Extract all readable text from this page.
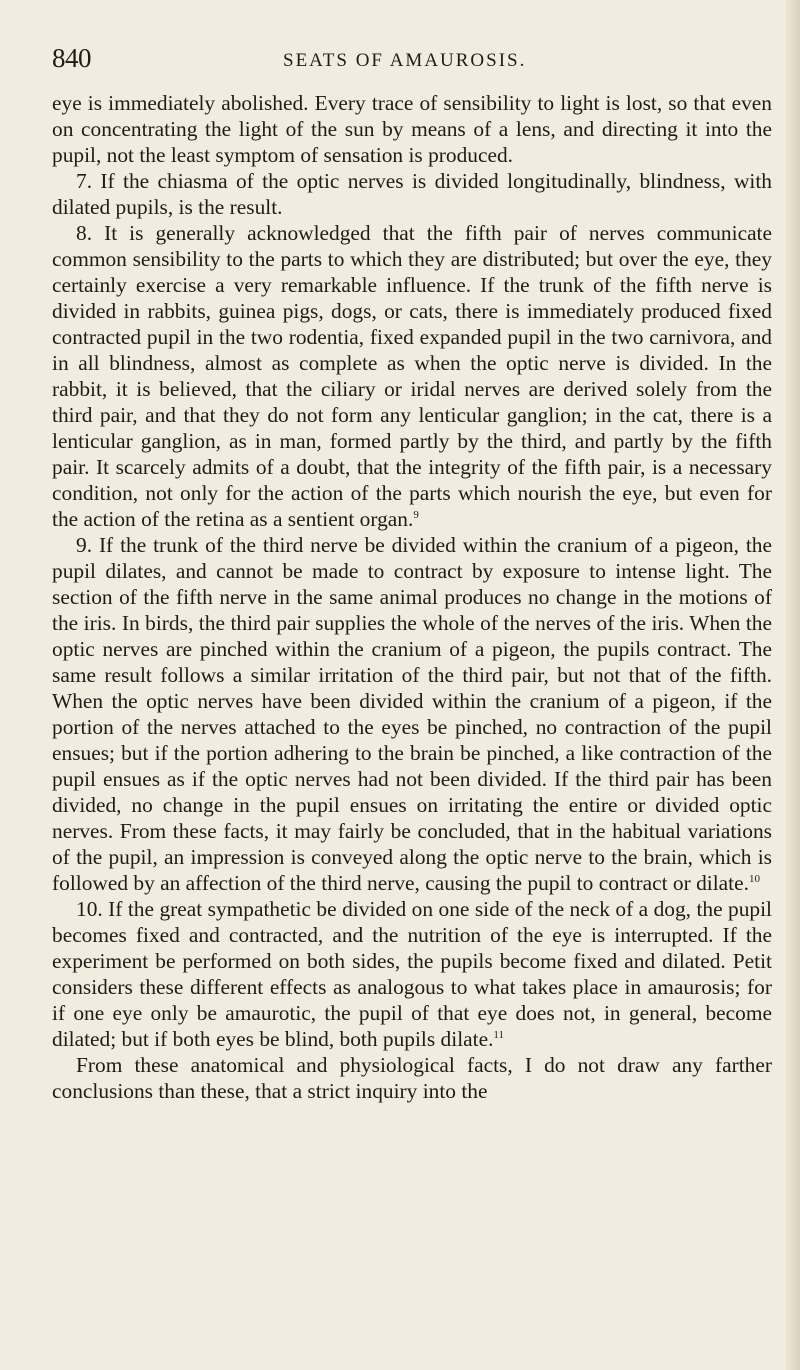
840	SEATS OF AMAUROSIS.

eye is immediately abolished. Every trace of sensibility to light is lost, so that even on concentrating the light of the sun by means of a lens, and directing it into the pupil, not the least symptom of sensation is produced.

7. If the chiasma of the optic nerves is divided longitudinally, blindness, with dilated pupils, is the result.

8. It is generally acknowledged that the fifth pair of nerves communicate common sensibility to the parts to which they are distributed; but over the eye, they certainly exercise a very remarkable influence. If the trunk of the fifth nerve is divided in rabbits, guinea pigs, dogs, or cats, there is immediately produced fixed contracted pupil in the two rodentia, fixed expanded pupil in the two carnivora, and in all blindness, almost as complete as when the optic nerve is divided. In the rabbit, it is believed, that the ciliary or iridal nerves are derived solely from the third pair, and that they do not form any lenticular ganglion; in the cat, there is a lenticular ganglion, as in man, formed partly by the third, and partly by the fifth pair. It scarcely admits of a doubt, that the integrity of the fifth pair, is a necessary condition, not only for the action of the parts which nourish the eye, but even for the action of the retina as a sentient organ.$^9$

9. If the trunk of the third nerve be divided within the cranium of a pigeon, the pupil dilates, and cannot be made to contract by exposure to intense light. The section of the fifth nerve in the same animal produces no change in the motions of the iris. In birds, the third pair supplies the whole of the nerves of the iris. When the optic nerves are pinched within the cranium of a pigeon, the pupils contract. The same result follows a similar irritation of the third pair, but not that of the fifth. When the optic nerves have been divided within the cranium of a pigeon, if the portion of the nerves attached to the eyes be pinched, no contraction of the pupil ensues; but if the portion adhering to the brain be pinched, a like contraction of the pupil ensues as if the optic nerves had not been divided. If the third pair has been divided, no change in the pupil ensues on irritating the entire or divided optic nerves. From these facts, it may fairly be concluded, that in the habitual variations of the pupil, an impression is conveyed along the optic nerve to the brain, which is followed by an affection of the third nerve, causing the pupil to contract or dilate.$^{10}$

10. If the great sympathetic be divided on one side of the neck of a dog, the pupil becomes fixed and contracted, and the nutrition of the eye is interrupted. If the experiment be performed on both sides, the pupils become fixed and dilated. Petit considers these different effects as analogous to what takes place in amaurosis; for if one eye only be amaurotic, the pupil of that eye does not, in general, become dilated; but if both eyes be blind, both pupils dilate.$^{11}$

From these anatomical and physiological facts, I do not draw any farther conclusions than these, that a strict inquiry into the
